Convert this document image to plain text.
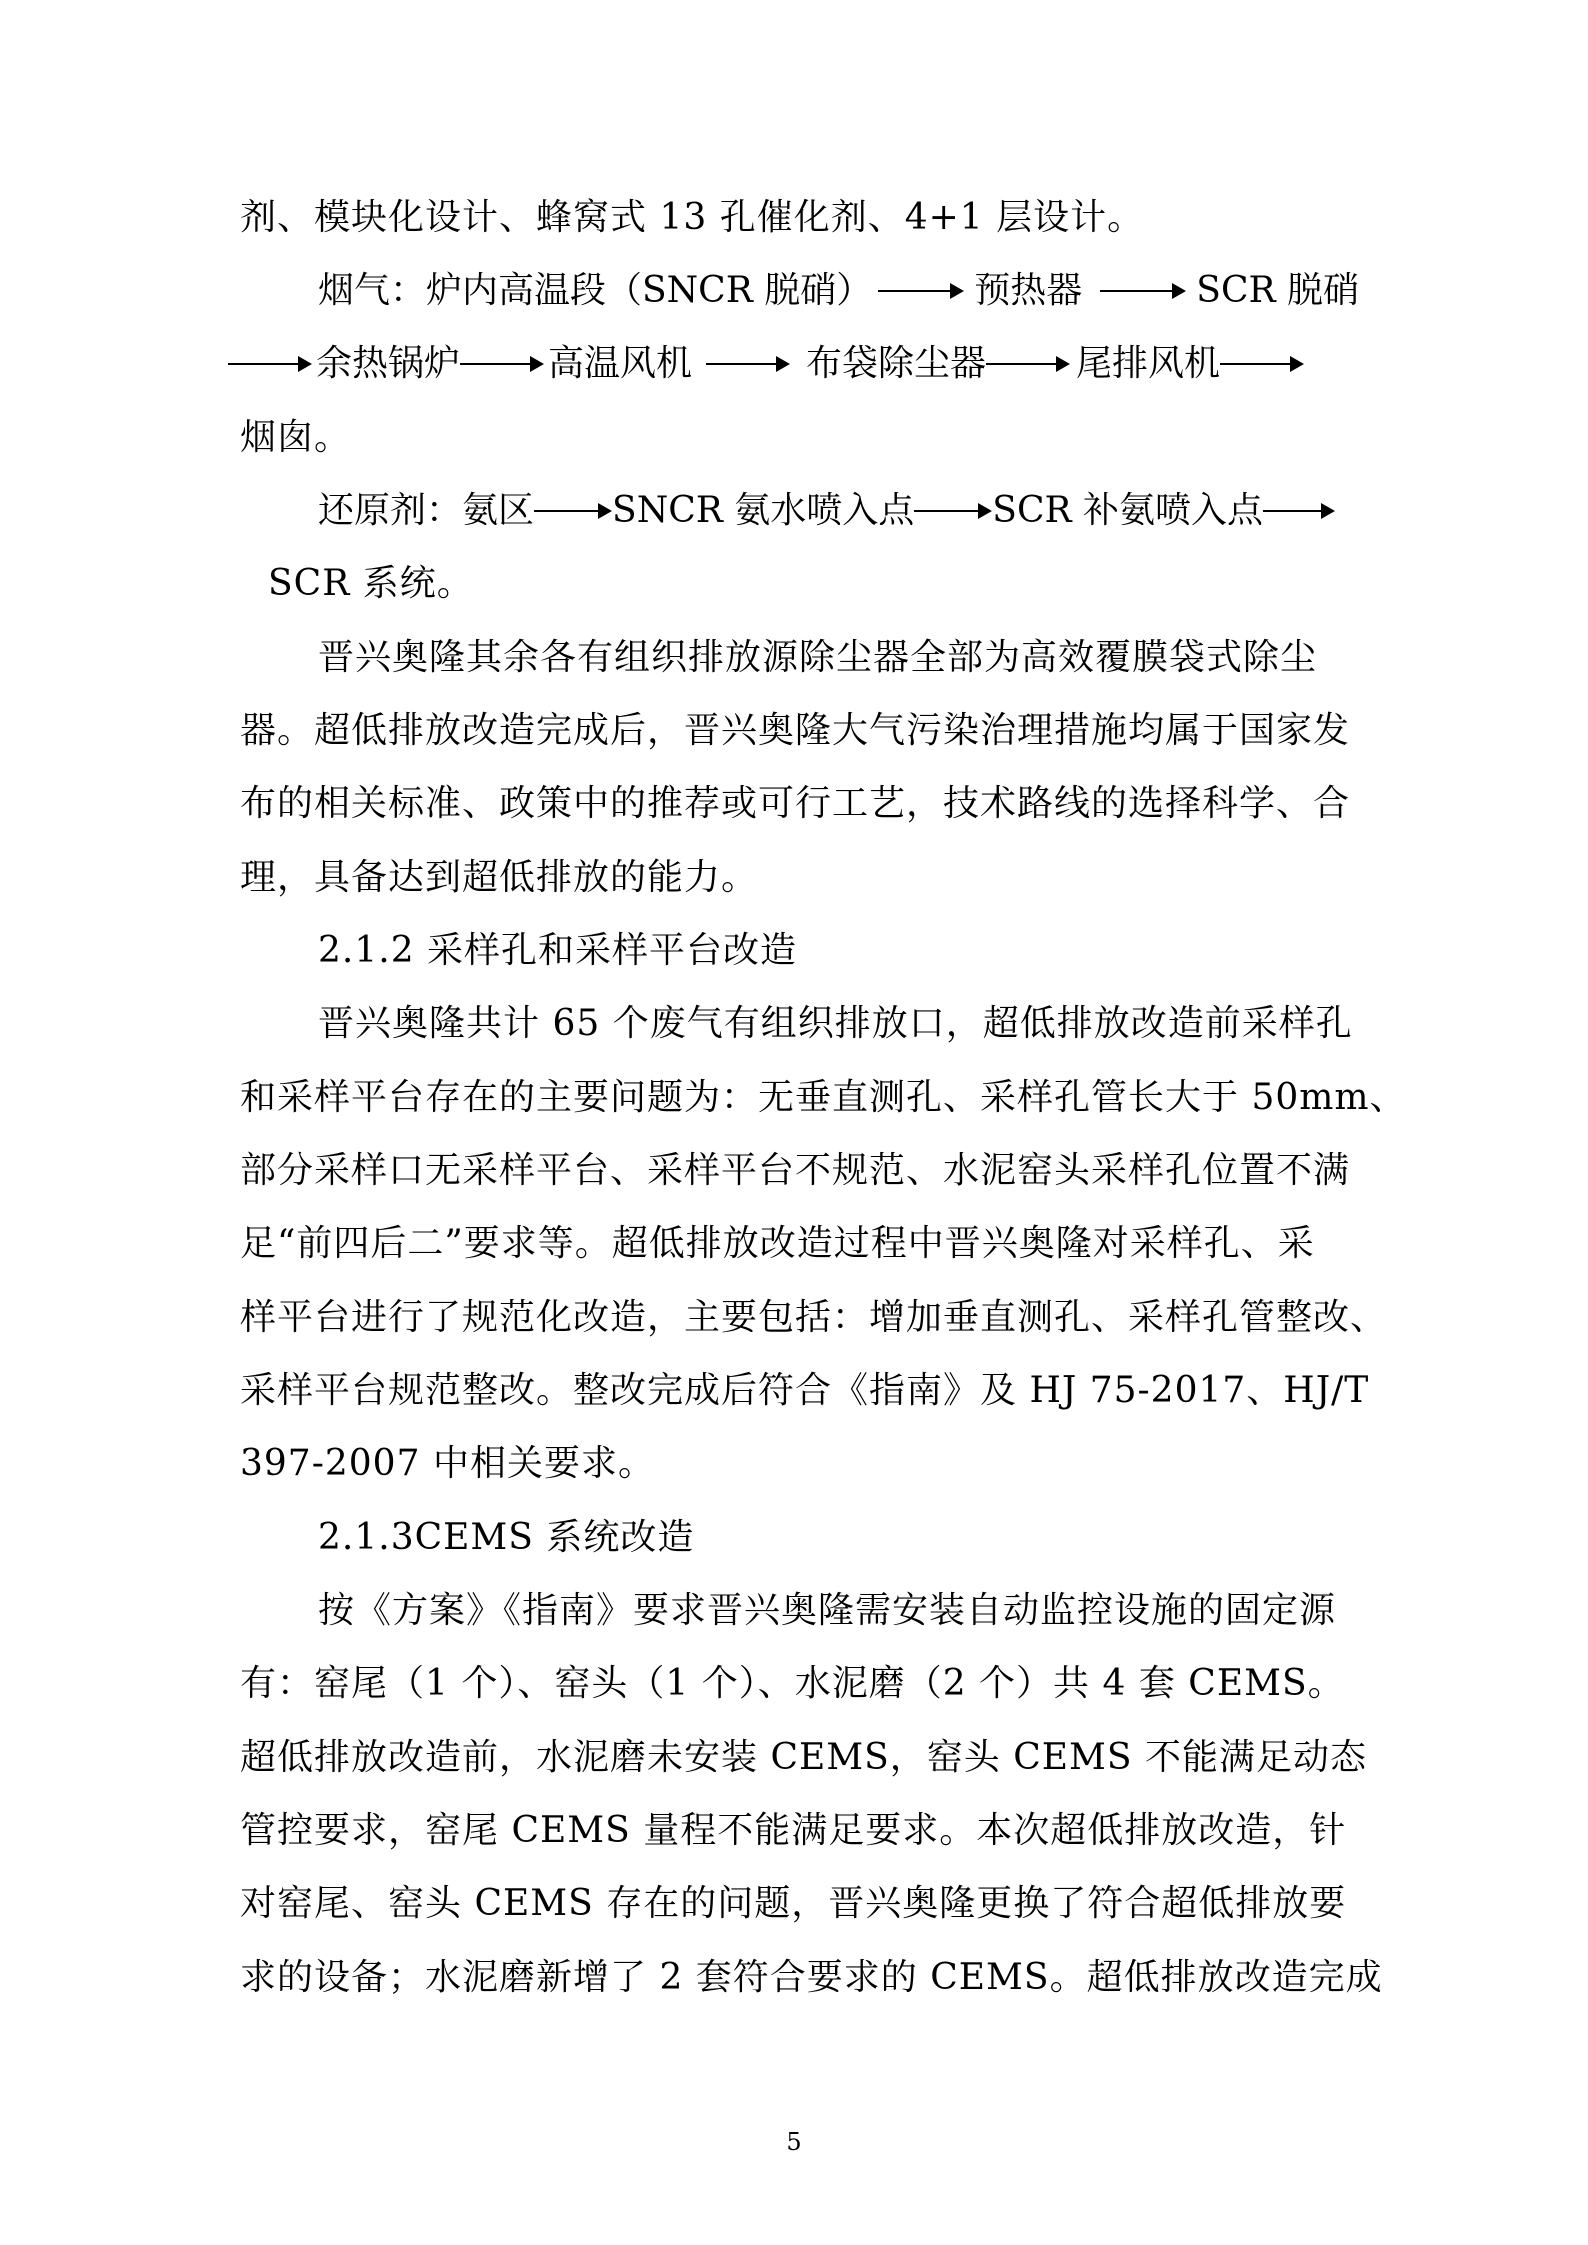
剂、模块化设计、蜂窝式 13 孔催化剂、4+1 层设计。
烟气： 炉内高温段（SNCR 脱硝）	预热器	SCR 脱硝
余热锅炉 高温风机	布袋除尘器	尾排风机
烟囱。
还原剂： 氨区 SNCR 氨水喷入点 SCR 补氨喷入点
SCR 系统。
晋兴奥隆其余各有组织排放源除尘器全部为高效覆膜袋式除尘
器。超低排放改造完成后，晋兴奥隆大气污染治理措施均属于国家发
布的相关标准、政策中的推荐或可行工艺，技术路线的选择科学、合
理，具备达到超低排放的能力。
2.1.2 采样孔和采样平台改造
晋兴奥隆共计 65 个废气有组织排放口，超低排放改造前采样孔
和采样平台存在的主要问题为：无垂直测孔、采样孔管长大于 50mm、
部分采样口无采样平台、采样平台不规范、水泥窑头采样孔位置不满
足“前四后二”要求等。超低排放改造过程中晋兴奥隆对采样孔、采
样平台进行了规范化改造，主要包括：增加垂直测孔、采样孔管整改、
采样平台规范整改。整改完成后符合《指南》及 HJ 75-2017、HJ/T
397-2007 中相关要求。
2.1.3CEMS 系统改造
按《方案》《指南》要求晋兴奥隆需安装自动监控设施的固定源
有：窑尾（1 个）、窑头（1 个）、水泥磨（2 个）共 4 套 CEMS。
超低排放改造前，水泥磨未安装 CEMS，窑头 CEMS 不能满足动态
管控要求，窑尾 CEMS 量程不能满足要求。本次超低排放改造，针
对窑尾、窑头 CEMS 存在的问题，晋兴奥隆更换了符合超低排放要
求的设备；水泥磨新增了 2 套符合要求的 CEMS。超低排放改造完成
5
